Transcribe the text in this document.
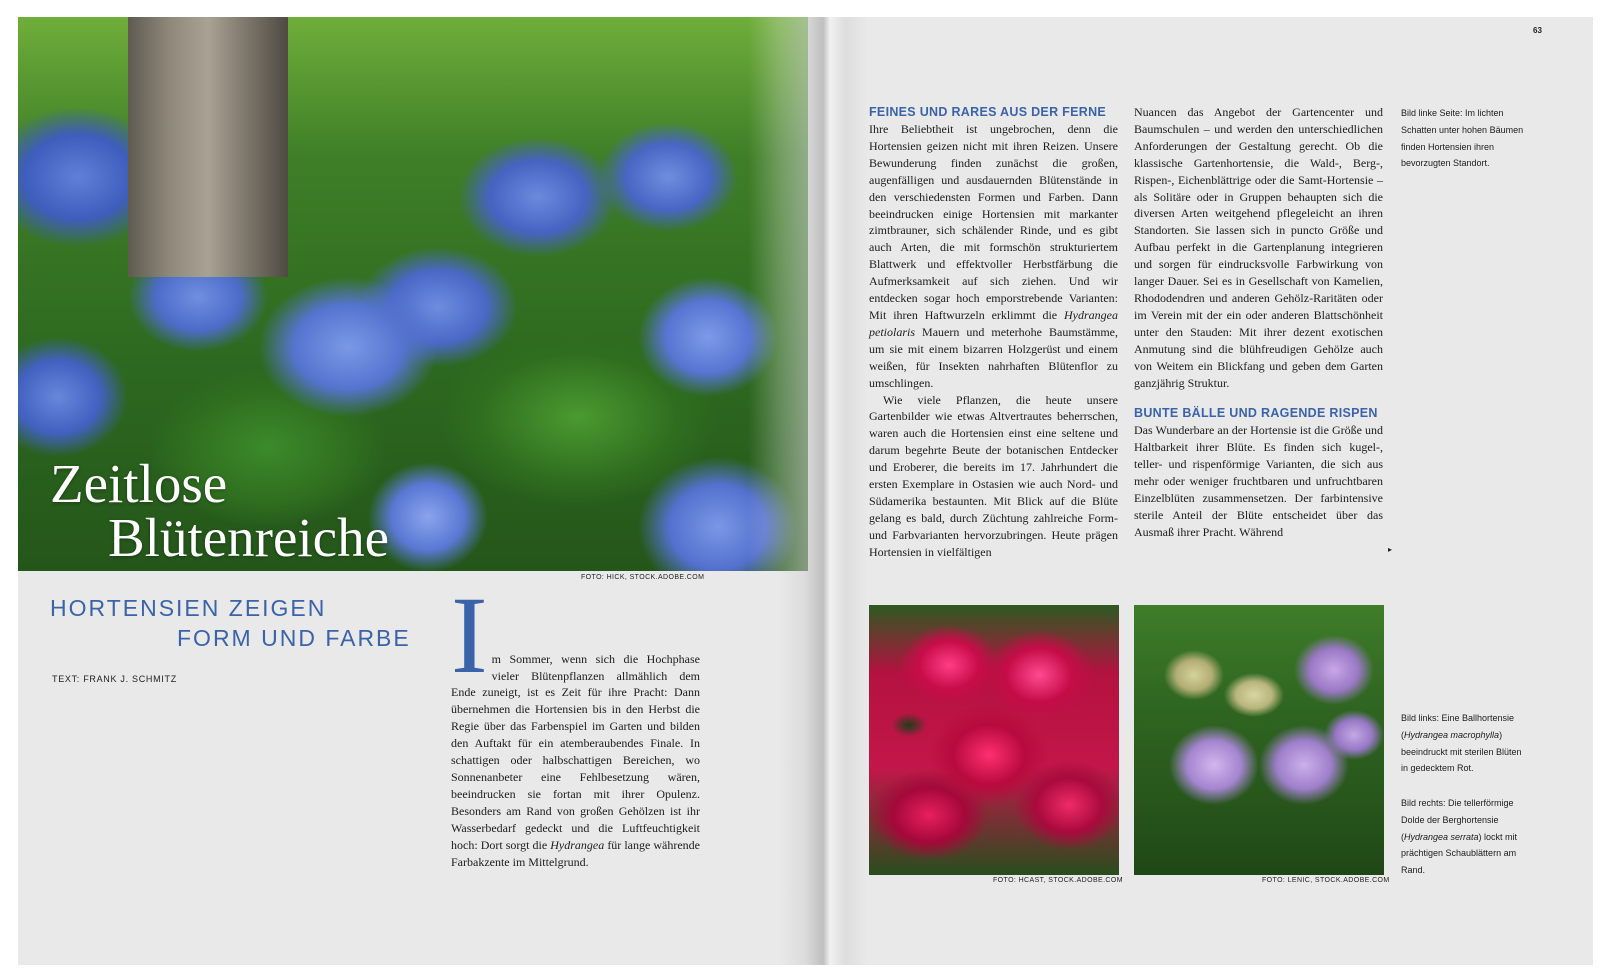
Zeitlose
Blütenreiche
FOTO: HICK, STOCK.ADOBE.COM
HORTENSIEN ZEIGEN
FORM UND FARBE
TEXT: FRANK J. SCHMITZ Im Sommer, wenn sich die Hochphase vieler Blütenpflanzen allmählich dem Ende zuneigt, ist es Zeit für ihre Pracht: Dann übernehmen die Hortensien bis in den Herbst die Regie über das Farbenspiel im Garten und bilden den Auftakt für ein atemberaubendes Finale. In schattigen oder halbschattigen Bereichen, wo Sonnenanbeter eine Fehlbesetzung wären, beeindrucken sie fortan mit ihrer Opulenz. Besonders am Rand von großen Gehölzen ist ihr Wasserbedarf gedeckt und die Luftfeuchtigkeit hoch: Dort sorgt die Hydrangea für lange währende Farbakzente im Mittelgrund.

63
FEINES UND RARES AUS DER FERNE

Ihre Beliebtheit ist ungebrochen, denn die Hortensien geizen nicht mit ihren Reizen. Unsere Bewunderung finden zunächst die großen, augenfälligen und ausdauernden Blütenstände in den verschiedensten Formen und Farben. Dann beeindrucken einige Hortensien mit markanter zimtbrauner, sich schälender Rinde, und es gibt auch Arten, die mit formschön strukturiertem Blattwerk und effektvoller Herbstfärbung die Aufmerksamkeit auf sich ziehen. Und wir entdecken sogar hoch emporstrebende Varianten: Mit ihren Haftwurzeln erklimmt die Hydrangea petiolaris Mauern und meterhohe Baumstämme, um sie mit einem bizarren Holzgerüst und einem weißen, für Insekten nahrhaften Blütenflor zu umschlingen.

Wie viele Pflanzen, die heute unsere Gartenbilder wie etwas Altvertrautes beherrschen, waren auch die Hortensien einst eine seltene und darum begehrte Beute der botanischen Entdecker und Eroberer, die bereits im 17. Jahrhundert die ersten Exemplare in Ostasien wie auch Nord- und Südamerika bestaunten. Mit Blick auf die Blüte gelang es bald, durch Züchtung zahlreiche Form- und Farbvarianten hervorzubringen. Heute prägen Hortensien in vielfältigen

Nuancen das Angebot der Gartencenter und Baumschulen – und werden den unterschiedlichen Anforderungen der Gestaltung gerecht. Ob die klassische Gartenhortensie, die Wald-, Berg-, Rispen-, Eichenblättrige oder die Samt-Hortensie – als Solitäre oder in Gruppen behaupten sich die diversen Arten weitgehend pflegeleicht an ihren Standorten. Sie lassen sich in puncto Größe und Aufbau perfekt in die Gartenplanung integrieren und sorgen für eindrucksvolle Farbwirkung von langer Dauer. Sei es in Gesellschaft von Kamelien, Rhododendren und anderen Gehölz-Raritäten oder im Verein mit der ein oder anderen Blattschönheit unter den Stauden: Mit ihrer dezent exotischen Anmutung sind die blühfreudigen Gehölze auch von Weitem ein Blickfang und geben dem Garten ganzjährig Struktur.

BUNTE BÄLLE UND RAGENDE RISPEN

Das Wunderbare an der Hortensie ist die Größe und Haltbarkeit ihrer Blüte. Es finden sich kugel-, teller- und rispenförmige Varianten, die sich aus mehr oder weniger fruchtbaren und unfruchtbaren Einzelblüten zusammensetzen. Der farbintensive sterile Anteil der Blüte entscheidet über das Ausmaß ihrer Pracht. Während

▸
Bild linke Seite: Im lichten Schatten unter hohen Bäumen finden Hortensien ihren bevorzugten Standort.
FOTO: HCAST, STOCK.ADOBE.COM	FOTO: LENIC, STOCK.ADOBE.COM
Bild links: Eine Ballhortensie (Hydrangea macrophylla) beeindruckt mit sterilen Blüten in gedecktem Rot.
Bild rechts: Die tellerförmige Dolde der Berghortensie (Hydrangea serrata) lockt mit prächtigen Schaublättern am Rand.
